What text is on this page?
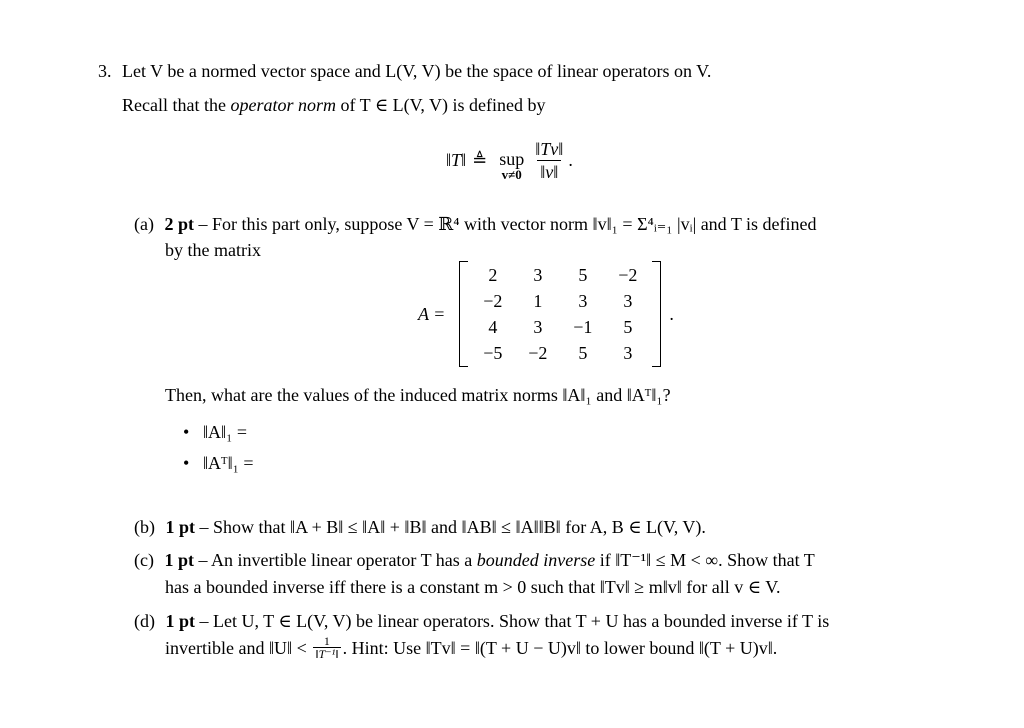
3. Let V be a normed vector space and L(V, V) be the space of linear operators on V.
Recall that the operator norm of T ∈ L(V, V) is defined by
‖T‖ ≜ sup
$v\ne 0 \frac{‖Tv‖}{‖v‖}$ .
(a) 2 pt – For this part only, suppose V = ℝ⁴ with vector norm ‖v‖₁ = Σ⁴ᵢ₌₁ |vᵢ| and T is defined
by the matrix
A =
2	3	5	−2
−2	1	3	3
4	3	−1	5
−5	−2	5	3
.
Then, what are the values of the induced matrix norms ‖A‖₁ and ‖Aᵀ‖₁?
• ‖A‖₁ =
• ‖Aᵀ‖₁ =
(b) 1 pt – Show that ‖A + B‖ ≤ ‖A‖ + ‖B‖ and ‖AB‖ ≤ ‖A‖‖B‖ for A, B ∈ L(V, V).
(c) 1 pt – An invertible linear operator T has a bounded inverse if ‖T⁻¹‖ ≤ M < ∞. Show that T
has a bounded inverse iff there is a constant m > 0 such that ‖Tv‖ ≥ m‖v‖ for all v ∈ V.
(d) 1 pt – Let U, T ∈ L(V, V) be linear operators. Show that T + U has a bounded inverse if T is
invertible and ‖U‖ < $\frac{1}{\text{‖T⁻¹‖}}$ . Hint: Use ‖Tv‖ = ‖(T + U − U)v‖ to lower bound ‖(T + U)v‖.
